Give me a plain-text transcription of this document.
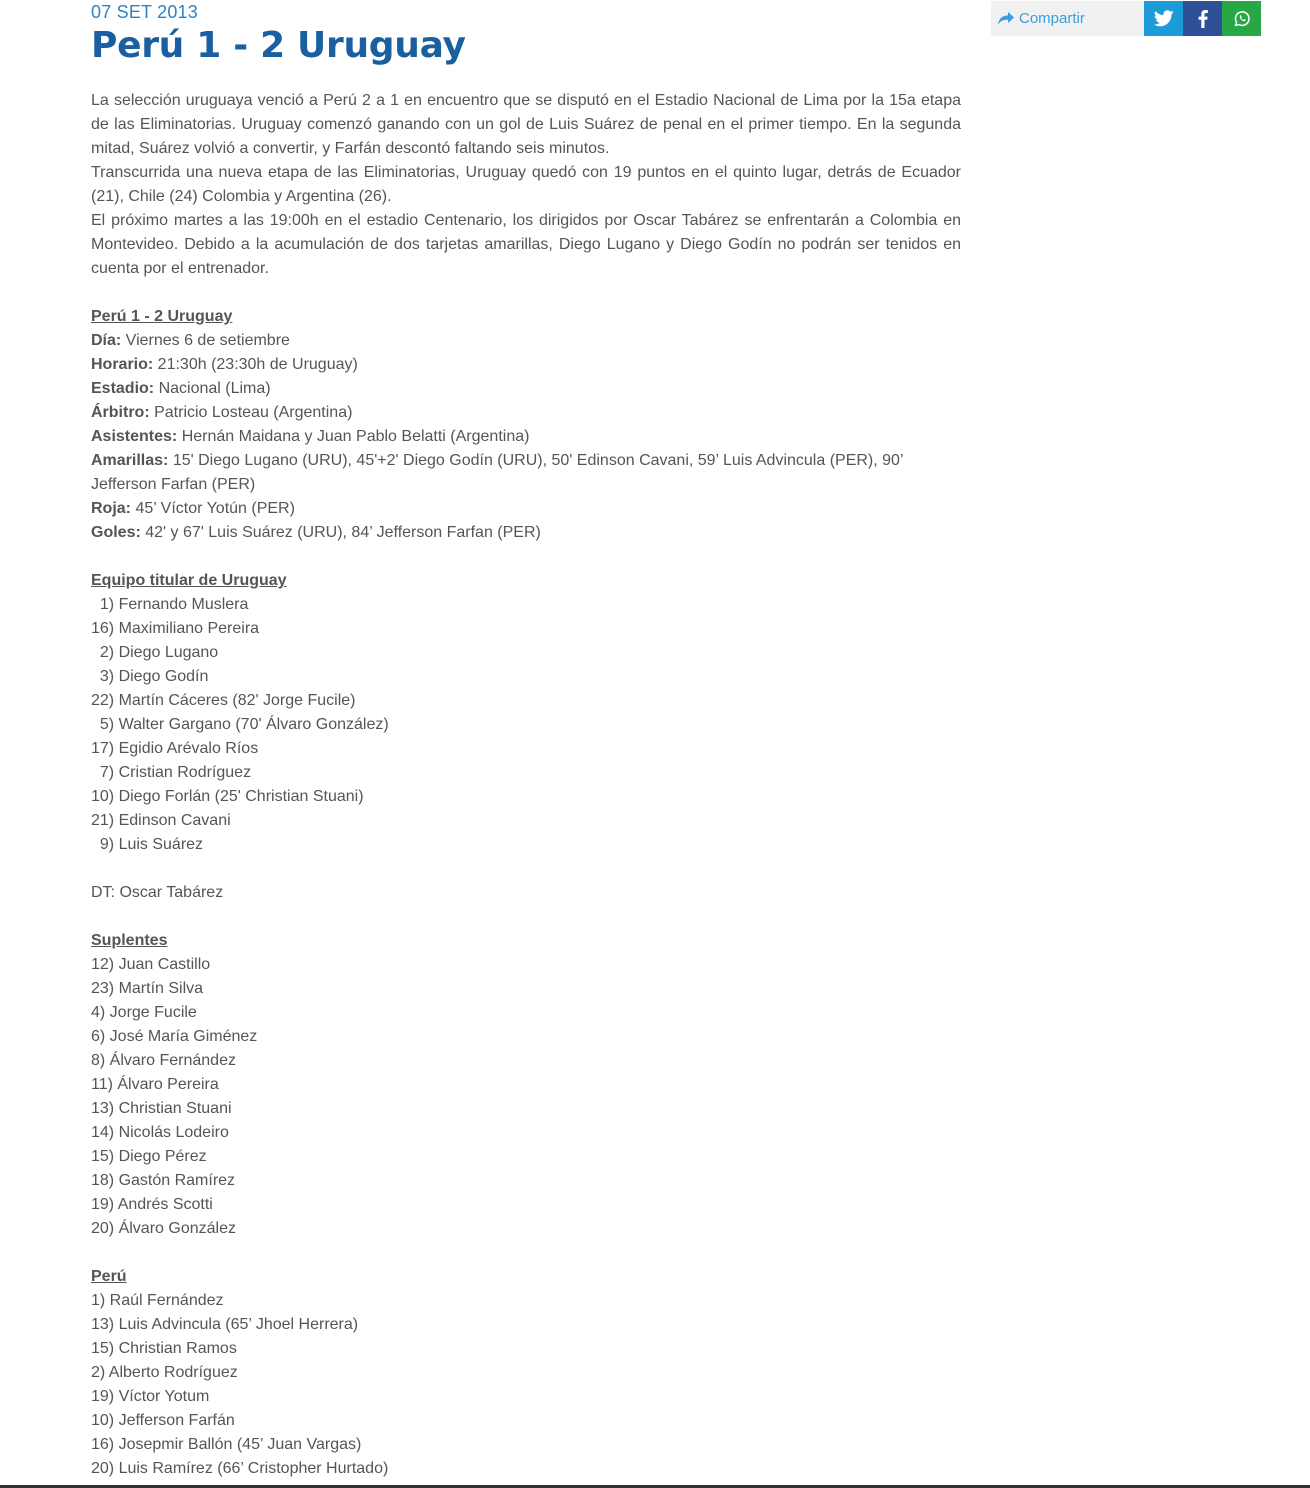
07 SET 2013

Perú 1 - 2 Uruguay

La selección uruguaya venció a Perú 2 a 1 en encuentro que se disputó en el Estadio Nacional de Lima por la 15a etapa de las Eliminatorias. Uruguay comenzó ganando con un gol de Luis Suárez de penal en el primer tiempo. En la segunda mitad, Suárez volvió a convertir, y Farfán descontó faltando seis minutos.

Transcurrida una nueva etapa de las Eliminatorias, Uruguay quedó con 19 puntos en el quinto lugar, detrás de Ecuador (21), Chile (24) Colombia y Argentina (26).

El próximo martes a las 19:00h en el estadio Centenario, los dirigidos por Oscar Tabárez se enfrentarán a Colombia en Montevideo. Debido a la acumulación de dos tarjetas amarillas, Diego Lugano y Diego Godín no podrán ser tenidos en cuenta por el entrenador.

Perú 1 - 2 Uruguay

Día: Viernes 6 de setiembre

Horario: 21:30h (23:30h de Uruguay)

Estadio: Nacional (Lima)

Árbitro: Patricio Losteau (Argentina)

Asistentes: Hernán Maidana y Juan Pablo Belatti (Argentina)

Amarillas: 15' Diego Lugano (URU), 45'+2' Diego Godín (URU), 50' Edinson Cavani, 59’ Luis Advincula (PER), 90’ Jefferson Farfan (PER)

Roja: 45’ Víctor Yotún (PER)

Goles: 42' y 67' Luis Suárez (URU), 84’ Jefferson Farfan (PER)

Equipo titular de Uruguay

1) Fernando Muslera

16) Maximiliano Pereira

2) Diego Lugano

3) Diego Godín

22) Martín Cáceres (82' Jorge Fucile)

5) Walter Gargano (70' Álvaro González)

17) Egidio Arévalo Ríos

7) Cristian Rodríguez

10) Diego Forlán (25' Christian Stuani)

21) Edinson Cavani

9) Luis Suárez

DT: Oscar Tabárez

Suplentes

12) Juan Castillo

23) Martín Silva

4) Jorge Fucile

6) José María Giménez

8) Álvaro Fernández

11) Álvaro Pereira

13) Christian Stuani

14) Nicolás Lodeiro

15) Diego Pérez

18) Gastón Ramírez

19) Andrés Scotti

20) Álvaro González

Perú

1) Raúl Fernández

13) Luis Advincula (65’ Jhoel Herrera)

15) Christian Ramos

2) Alberto Rodríguez

19) Víctor Yotum

10) Jefferson Farfán

16) Josepmir Ballón (45’ Juan Vargas)

20) Luis Ramírez (66’ Cristopher Hurtado)

Compartir
